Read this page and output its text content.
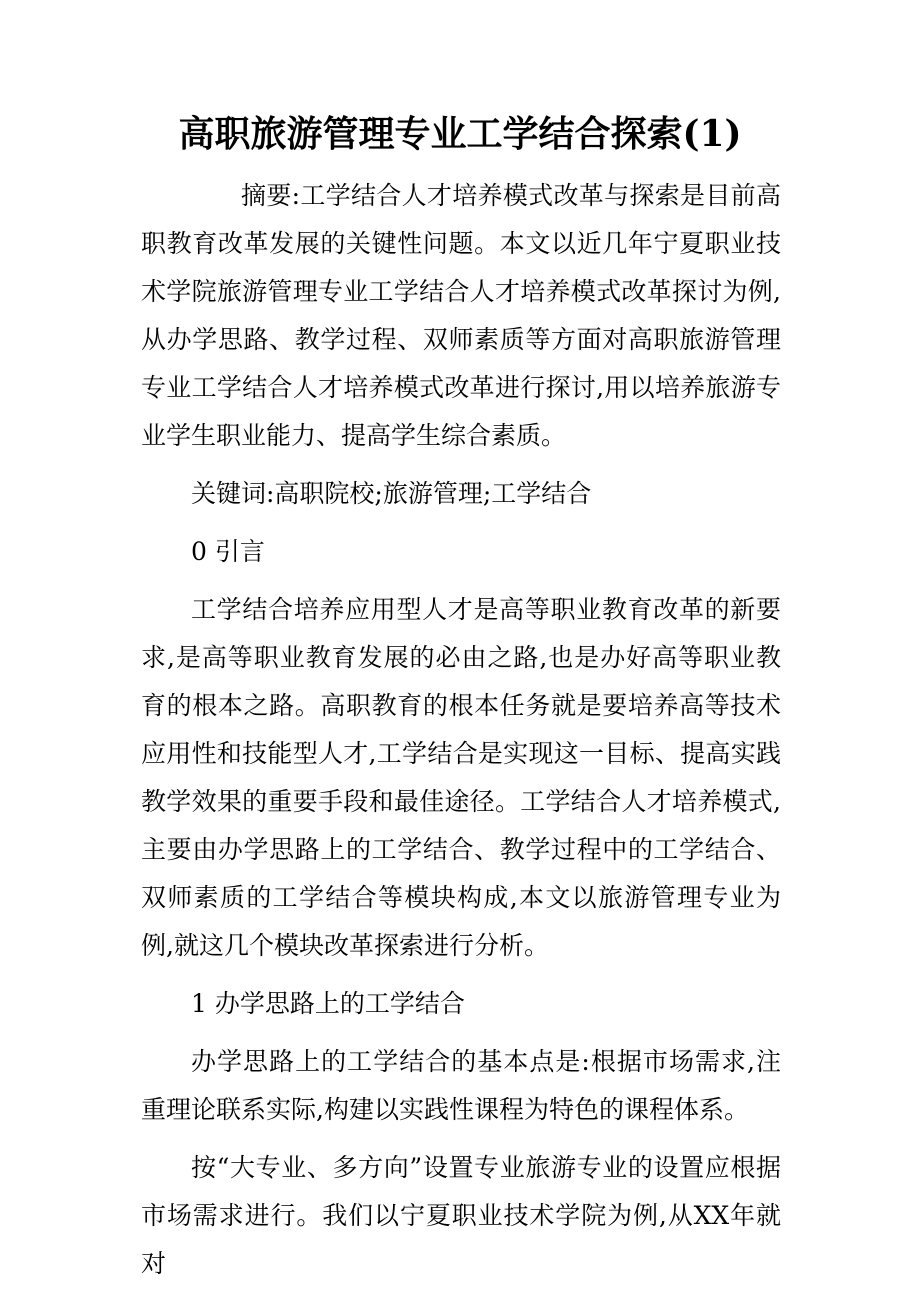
高职旅游管理专业工学结合探索(1)

摘要:工学结合人才培养模式改革与探索是目前高职教育改革发展的关键性问题。本文以近几年宁夏职业技术学院旅游管理专业工学结合人才培养模式改革探讨为例,从办学思路、教学过程、双师素质等方面对高职旅游管理专业工学结合人才培养模式改革进行探讨,用以培养旅游专业学生职业能力、提高学生综合素质。

关键词:高职院校;旅游管理;工学结合

0 引言

工学结合培养应用型人才是高等职业教育改革的新要求,是高等职业教育发展的必由之路,也是办好高等职业教育的根本之路。高职教育的根本任务就是要培养高等技术应用性和技能型人才,工学结合是实现这一目标、提高实践教学效果的重要手段和最佳途径。工学结合人才培养模式,主要由办学思路上的工学结合、教学过程中的工学结合、双师素质的工学结合等模块构成,本文以旅游管理专业为例,就这几个模块改革探索进行分析。

1 办学思路上的工学结合

办学思路上的工学结合的基本点是:根据市场需求,注重理论联系实际,构建以实践性课程为特色的课程体系。

按“大专业、多方向”设置专业旅游专业的设置应根据市场需求进行。我们以宁夏职业技术学院为例,从XX年就对
